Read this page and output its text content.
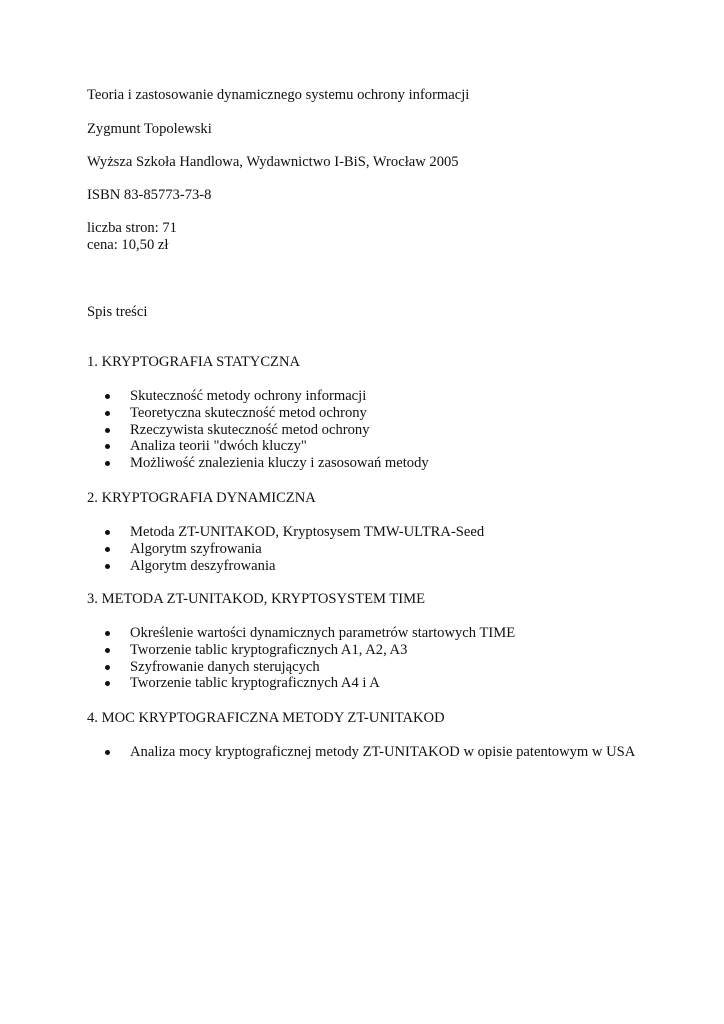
Teoria i zastosowanie dynamicznego systemu ochrony informacji
Zygmunt Topolewski
Wyższa Szkoła Handlowa, Wydawnictwo I-BiS, Wrocław 2005
ISBN 83-85773-73-8
liczba stron: 71
cena: 10,50 zł
Spis treści
1. KRYPTOGRAFIA STATYCZNA
Skuteczność metody ochrony informacji
Teoretyczna skuteczność metod ochrony
Rzeczywista skuteczność metod ochrony
Analiza teorii "dwóch kluczy"
Możliwość znalezienia kluczy i zasosowań metody
2. KRYPTOGRAFIA DYNAMICZNA
Metoda ZT-UNITAKOD, Kryptosysem TMW-ULTRA-Seed
Algorytm szyfrowania
Algorytm deszyfrowania
3. METODA ZT-UNITAKOD, KRYPTOSYSTEM TIME
Określenie wartości dynamicznych parametrów startowych TIME
Tworzenie tablic kryptograficznych A1, A2, A3
Szyfrowanie danych sterujących
Tworzenie tablic kryptograficznych A4 i A
4. MOC KRYPTOGRAFICZNA METODY ZT-UNITAKOD
Analiza mocy kryptograficznej metody ZT-UNITAKOD w opisie patentowym w USA
